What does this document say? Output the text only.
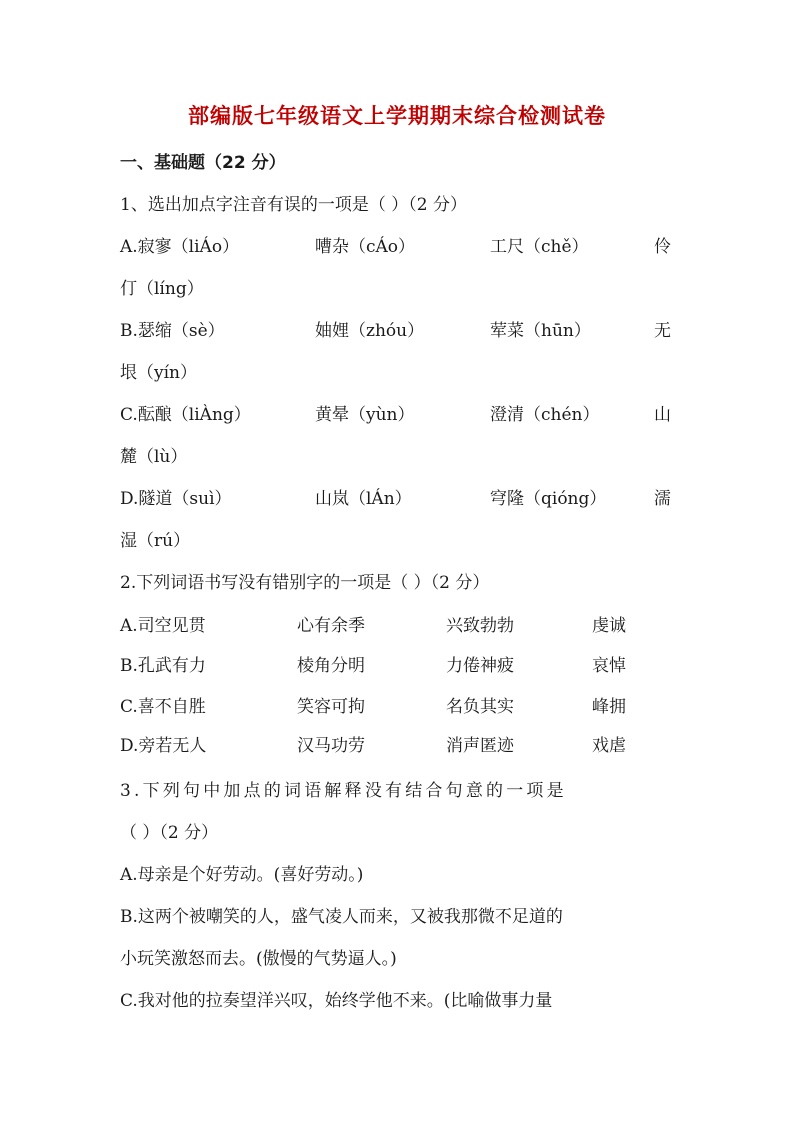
部编版七年级语文上学期期末综合检测试卷
一、基础题（22 分）
1、选出加点字注音有误的一项是（ ）（2 分）
A.寂寥（liÁo）	嘈杂（cÁo）	工尺（chě）	伶
仃（líng）
B.瑟缩（sè）	妯娌（zhóu）	荤菜（hūn）	无
垠（yín）
C.酝酿（liÀng）	黄晕（yùn）	澄清（chén）	山
麓（lù）
D.隧道（suì）	山岚（lÁn）	穹隆（qióng）	濡
湿（rú）
2.下列词语书写没有错别字的一项是（ ）（2 分）
A.司空见贯	心有余季	兴致勃勃	虔诚
B.孔武有力	棱角分明	力倦神疲	哀悼
C.喜不自胜	笑容可拘	名负其实	峰拥
D.旁若无人	汉马功劳	消声匿迹	戏虐
3.下列句中加点的词语解释没有结合句意的一项是
（ ）（2 分）
A.母亲是个好劳动。(喜好劳动。)
B.这两个被嘲笑的人，盛气凌人而来，又被我那微不足道的
小玩笑激怒而去。(傲慢的气势逼人。)
C.我对他的拉奏望洋兴叹，始终学他不来。(比喻做事力量
